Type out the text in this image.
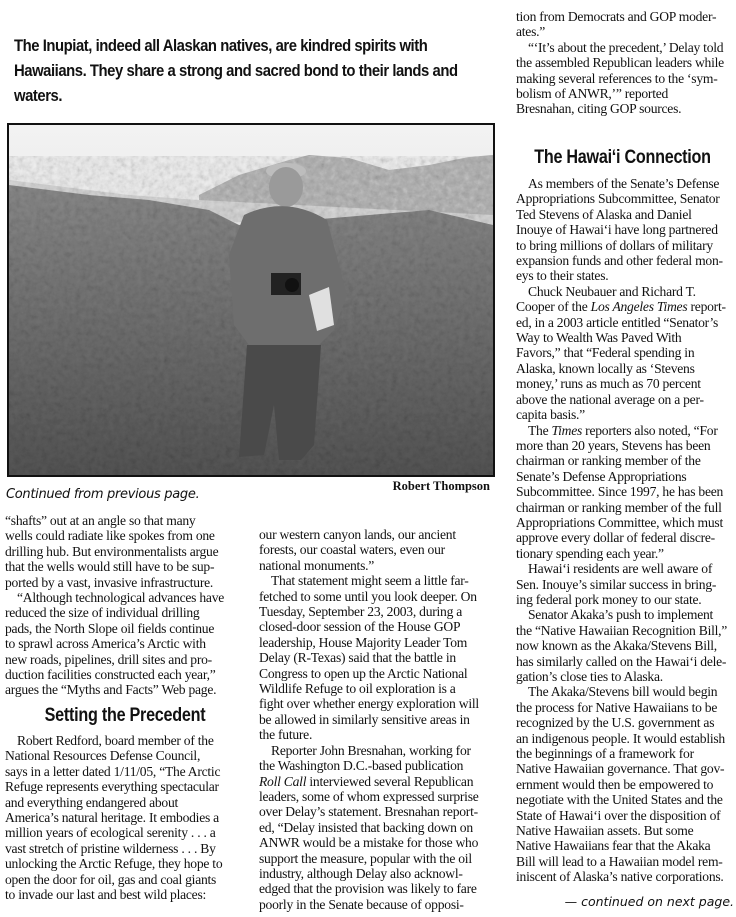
The Inupiat, indeed all Alaskan natives, are kindred spirits with
Hawaiians. They share a strong and sacred bond to their lands and
waters.
Robert Thompson
Continued from previous page.

“shafts” out at an angle so that many

wells could radiate like spokes from one

drilling hub. But environmentalists argue

that the wells would still have to be sup-

ported by a vast, invasive infrastructure.

“Although technological advances have

reduced the size of individual drilling

pads, the North Slope oil fields continue

to sprawl across America’s Arctic with

new roads, pipelines, drill sites and pro-

duction facilities constructed each year,”

argues the “Myths and Facts” Web page.

Setting the Precedent

Robert Redford, board member of the

National Resources Defense Council,

says in a letter dated 1/11/05, “The Arctic

Refuge represents everything spectacular

and everything endangered about

America’s natural heritage. It embodies a

million years of ecological serenity . . . a

vast stretch of pristine wilderness . . . By

unlocking the Arctic Refuge, they hope to

open the door for oil, gas and coal giants

to invade our last and best wild places:

our western canyon lands, our ancient

forests, our coastal waters, even our

national monuments.”

That statement might seem a little far-

fetched to some until you look deeper. On

Tuesday, September 23, 2003, during a

closed-door session of the House GOP

leadership, House Majority Leader Tom

Delay (R-Texas) said that the battle in

Congress to open up the Arctic National

Wildlife Refuge to oil exploration is a

fight over whether energy exploration will

be allowed in similarly sensitive areas in

the future.

Reporter John Bresnahan, working for

the Washington D.C.-based publication

Roll Call interviewed several Republican

leaders, some of whom expressed surprise

over Delay’s statement. Bresnahan report-

ed, “Delay insisted that backing down on

ANWR would be a mistake for those who

support the measure, popular with the oil

industry, although Delay also acknowl-

edged that the provision was likely to fare

poorly in the Senate because of opposi-

tion from Democrats and GOP moder-

ates.”

“‘It’s about the precedent,’ Delay told

the assembled Republican leaders while

making several references to the ‘sym-

bolism of ANWR,’” reported

Bresnahan, citing GOP sources.

The Hawai‘i Connection

As members of the Senate’s Defense

Appropriations Subcommittee, Senator

Ted Stevens of Alaska and Daniel

Inouye of Hawai‘i have long partnered

to bring millions of dollars of military

expansion funds and other federal mon-

eys to their states.

Chuck Neubauer and Richard T.

Cooper of the Los Angeles Times report-

ed, in a 2003 article entitled “Senator’s

Way to Wealth Was Paved With

Favors,” that “Federal spending in

Alaska, known locally as ‘Stevens

money,’ runs as much as 70 percent

above the national average on a per-

capita basis.”

The Times reporters also noted, “For

more than 20 years, Stevens has been

chairman or ranking member of the

Senate’s Defense Appropriations

Subcommittee. Since 1997, he has been

chairman or ranking member of the full

Appropriations Committee, which must

approve every dollar of federal discre-

tionary spending each year.”

Hawai‘i residents are well aware of

Sen. Inouye’s similar success in bring-

ing federal pork money to our state.

Senator Akaka’s push to implement

the “Native Hawaiian Recognition Bill,”

now known as the Akaka/Stevens Bill,

has similarly called on the Hawai‘i dele-

gation’s close ties to Alaska.

The Akaka/Stevens bill would begin

the process for Native Hawaiians to be

recognized by the U.S. government as

an indigenous people. It would establish

the beginnings of a framework for

Native Hawaiian governance. That gov-

ernment would then be empowered to

negotiate with the United States and the

State of Hawai‘i over the disposition of

Native Hawaiian assets. But some

Native Hawaiians fear that the Akaka

Bill will lead to a Hawaiian model rem-

iniscent of Alaska’s native corporations.

— continued on next page.
